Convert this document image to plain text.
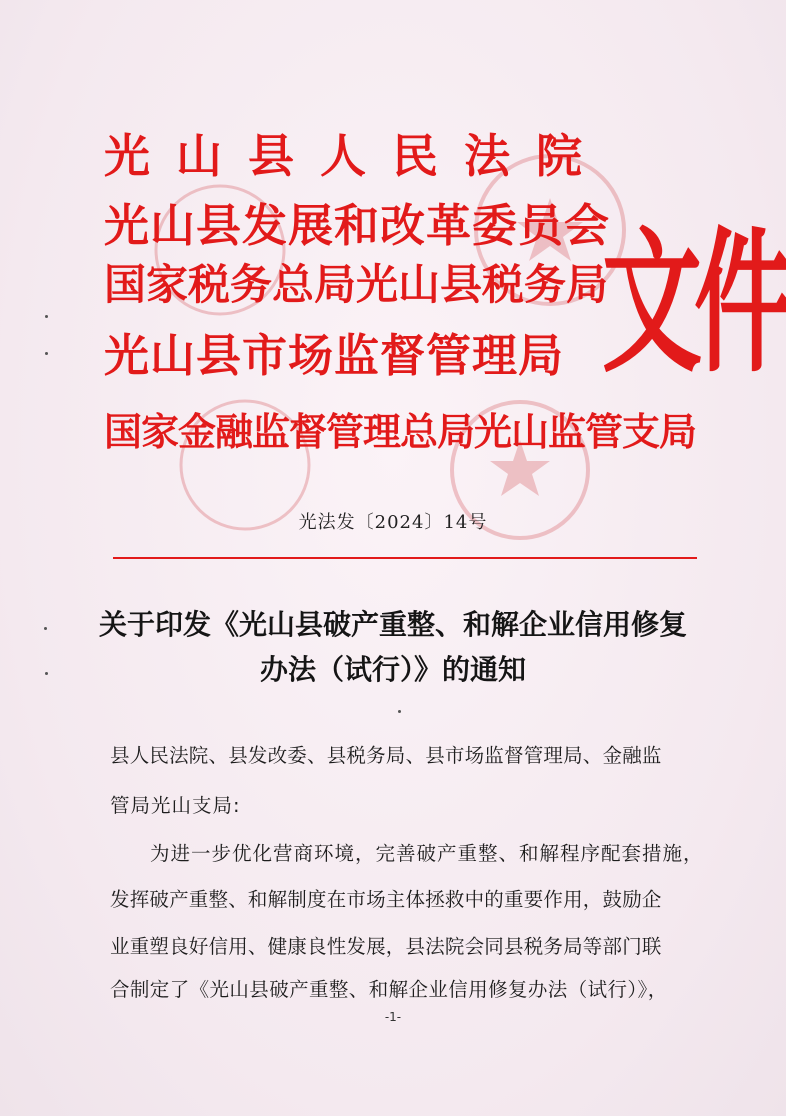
光山县人民法院
光山县发展和改革委员会
国家税务总局光山县税务局
光山县市场监督管理局
国家金融监督管理总局光山监管支局
文件
光法发〔2024〕14号
关于印发《光山县破产重整、和解企业信用修复
办法（试行）》的通知
县人民法院、县发改委、县税务局、县市场监督管理局、金融监
管局光山支局:
为进一步优化营商环境，完善破产重整、和解程序配套措施，
发挥破产重整、和解制度在市场主体拯救中的重要作用，鼓励企
业重塑良好信用、健康良性发展，县法院会同县税务局等部门联
合制定了《光山县破产重整、和解企业信用修复办法（试行）》，
-1-
